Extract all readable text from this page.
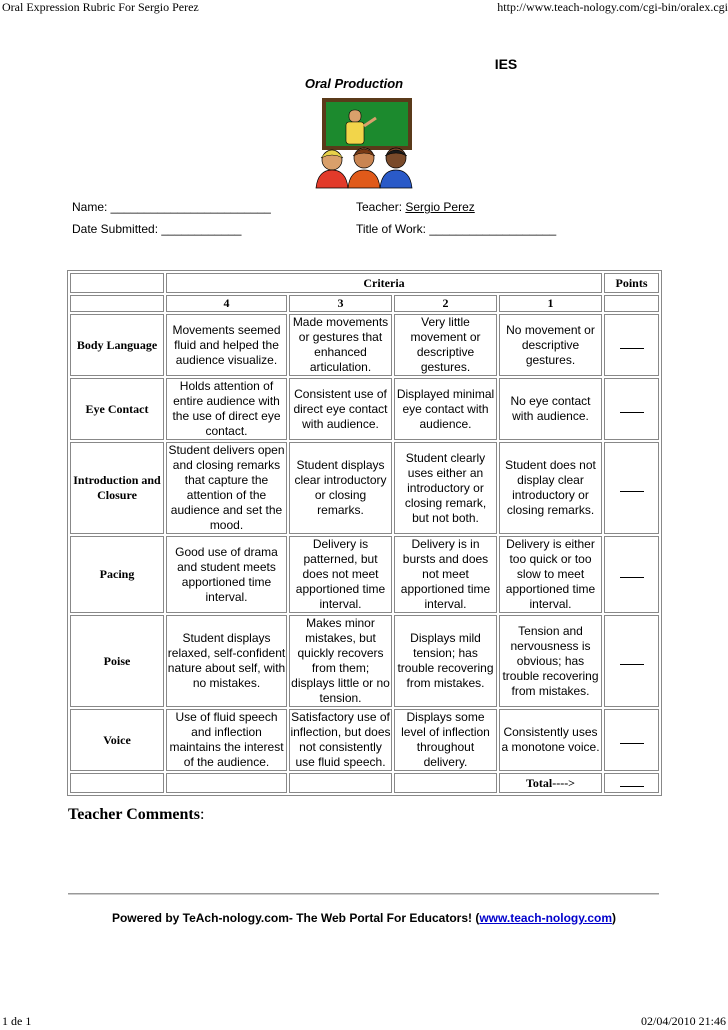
Oral Expression Rubric For Sergio Perez	http://www.teach-nology.com/cgi-bin/oralex.cgi
IES
Oral Production
Name: ________________________	Teacher: Sergio Perez
Date Submitted: ____________	Title of Work: ___________________
	Criteria				Points
	4	3	2	1	
Body Language	Movements seemed fluid and helped the audience visualize.	Made movements or gestures that enhanced articulation.	Very little movement or descriptive gestures.	No movement or descriptive gestures.	
Eye Contact	Holds attention of entire audience with the use of direct eye contact.	Consistent use of direct eye contact with audience.	Displayed minimal eye contact with audience.	No eye contact with audience.	
Introduction and Closure	Student delivers open and closing remarks that capture the attention of the audience and set the mood.	Student displays clear introductory or closing remarks.	Student clearly uses either an introductory or closing remark, but not both.	Student does not display clear introductory or closing remarks.	
Pacing	Good use of drama and student meets apportioned time interval.	Delivery is patterned, but does not meet apportioned time interval.	Delivery is in bursts and does not meet apportioned time interval.	Delivery is either too quick or too slow to meet apportioned time interval.	
Poise	Student displays relaxed, self-confident nature about self, with no mistakes.	Makes minor mistakes, but quickly recovers from them; displays little or no tension.	Displays mild tension; has trouble recovering from mistakes.	Tension and nervousness is obvious; has trouble recovering from mistakes.	
Voice	Use of fluid speech and inflection maintains the interest of the audience.	Satisfactory use of inflection, but does not consistently use fluid speech.	Displays some level of inflection throughout delivery.	Consistently uses a monotone voice.	
				Total---->	
Teacher Comments:
Powered by TeAch-nology.com- The Web Portal For Educators! (www.teach-nology.com)
1 de 1	02/04/2010 21:46
